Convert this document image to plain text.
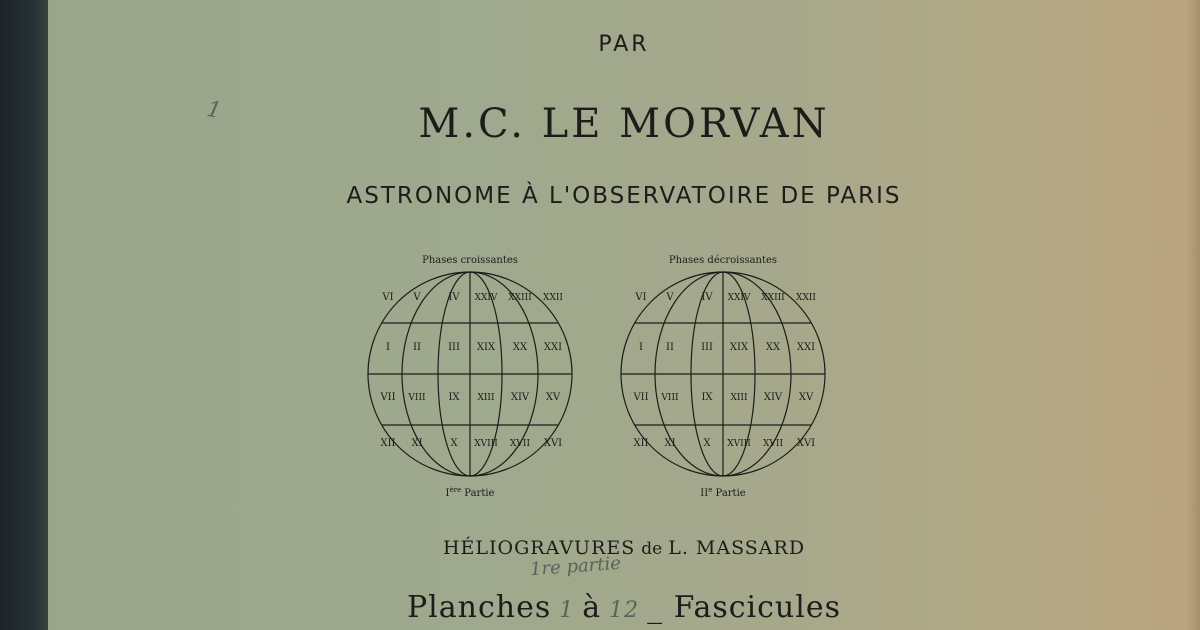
PAR
M.C. LE MORVAN
ASTRONOME À L'OBSERVATOIRE DE PARIS
1
Phases croissantes
VI V	IV XXIV XXIII XXII
I II	III XIX XX XXI
VII VIII IX XIII XIV XV
XII XI	X XVIII XVII XVI
Ière Partie
Phases décroissantes
VI V	IV XXIV XXIII XXII
I II	III XIX XX XXI
VII VIII IX XIII XIV XV
XII XI	X XVIII XVII XVI
IIe Partie
HÉLIOGRAVURES de L. MASSARD
1re partie
Planches 1 à 12 _ Fascicules
